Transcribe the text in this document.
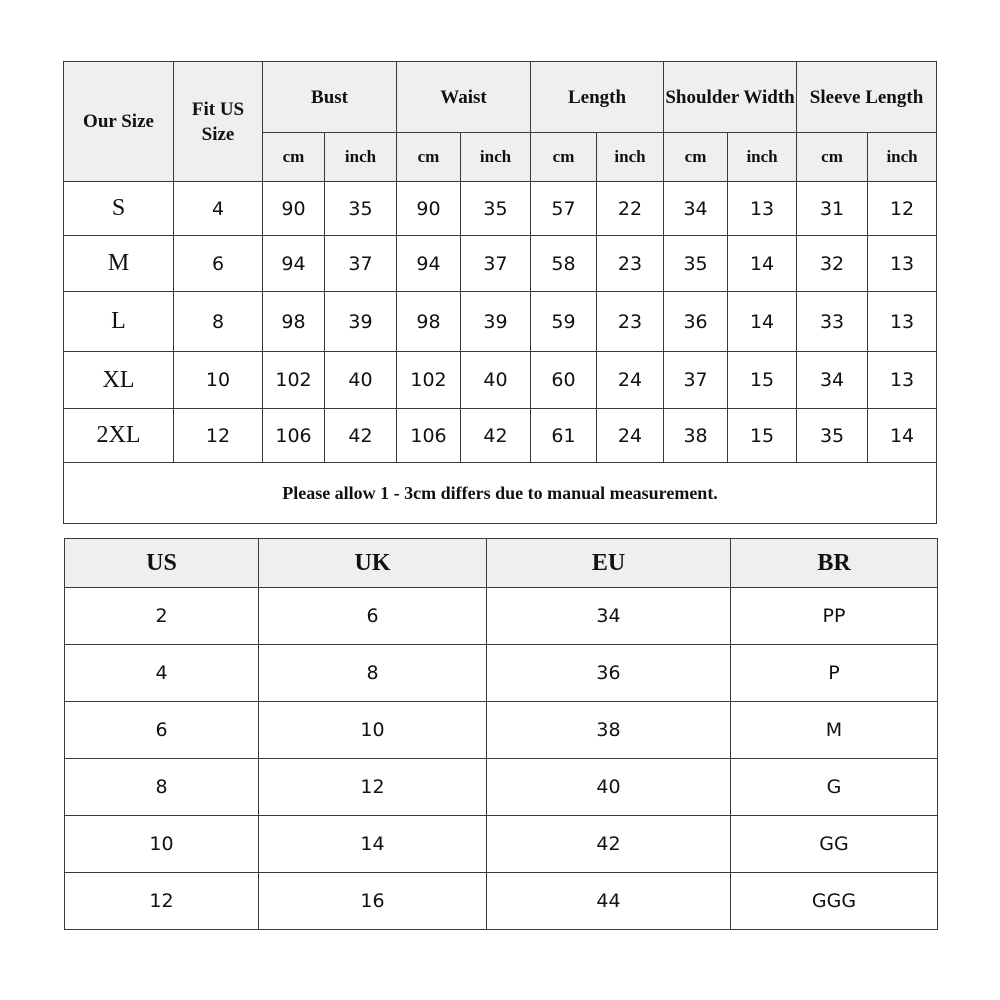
Our Size	Fit US Size	Bust		Waist		Length		Shoulder Width		Sleeve Length	
		cm	inch	cm	inch	cm	inch	cm	inch	cm	inch
S	4	90	35	90	35	57	22	34	13	31	12
M	6	94	37	94	37	58	23	35	14	32	13
L	8	98	39	98	39	59	23	36	14	33	13
XL	10	102	40	102	40	60	24	37	15	34	13
2XL	12	106	42	106	42	61	24	38	15	35	14
Please allow 1 - 3cm differs due to manual measurement.											
US	UK	EU	BR
2	6	34	PP
4	8	36	P
6	10	38	M
8	12	40	G
10	14	42	GG
12	16	44	GGG
